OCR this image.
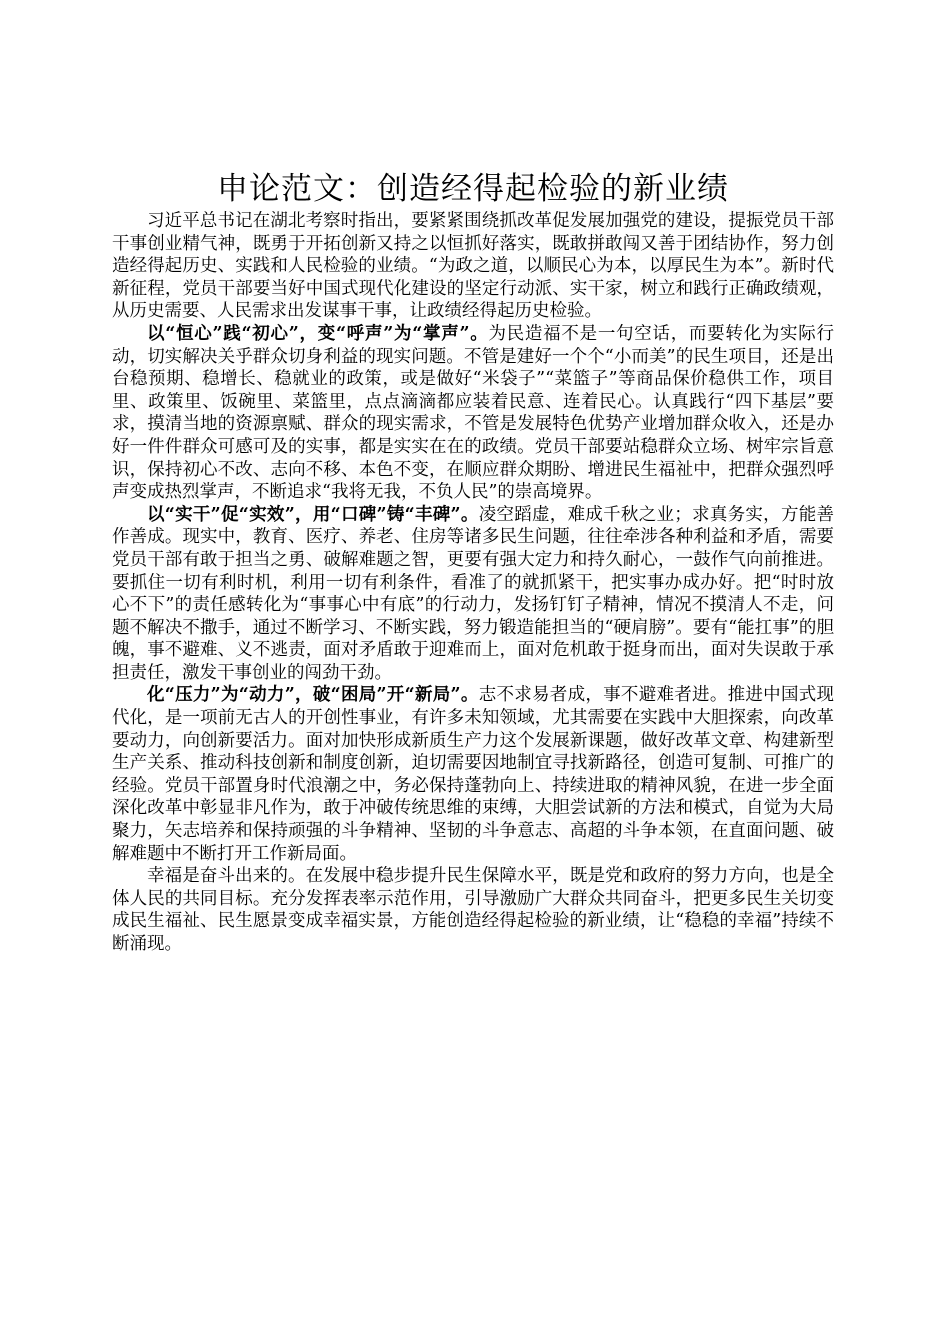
申论范文：创造经得起检验的新业绩

习近平总书记在湖北考察时指出，要紧紧围绕抓改革促发展加强党的建设，提振党员干部干事创业精气神，既勇于开拓创新又持之以恒抓好落实，既敢拼敢闯又善于团结协作，努力创造经得起历史、实践和人民检验的业绩。“为政之道，以顺民心为本，以厚民生为本”。新时代新征程，党员干部要当好中国式现代化建设的坚定行动派、实干家，树立和践行正确政绩观，从历史需要、人民需求出发谋事干事，让政绩经得起历史检验。

以“恒心”践“初心”，变“呼声”为“掌声”。为民造福不是一句空话，而要转化为实际行动，切实解决关乎群众切身利益的现实问题。不管是建好一个个“小而美”的民生项目，还是出台稳预期、稳增长、稳就业的政策，或是做好“米袋子”“菜篮子”等商品保价稳供工作，项目里、政策里、饭碗里、菜篮里，点点滴滴都应装着民意、连着民心。认真践行“四下基层”要求，摸清当地的资源禀赋、群众的现实需求，不管是发展特色优势产业增加群众收入，还是办好一件件群众可感可及的实事，都是实实在在的政绩。党员干部要站稳群众立场、树牢宗旨意识，保持初心不改、志向不移、本色不变，在顺应群众期盼、增进民生福祉中，把群众强烈呼声变成热烈掌声，不断追求“我将无我，不负人民”的崇高境界。

以“实干”促“实效”，用“口碑”铸“丰碑”。凌空蹈虚，难成千秋之业；求真务实，方能善作善成。现实中，教育、医疗、养老、住房等诸多民生问题，往往牵涉各种利益和矛盾，需要党员干部有敢于担当之勇、破解难题之智，更要有强大定力和持久耐心，一鼓作气向前推进。要抓住一切有利时机，利用一切有利条件，看准了的就抓紧干，把实事办成办好。把“时时放心不下”的责任感转化为“事事心中有底”的行动力，发扬钉钉子精神，情况不摸清人不走，问题不解决不撒手，通过不断学习、不断实践，努力锻造能担当的“硬肩膀”。要有“能扛事”的胆魄，事不避难、义不逃责，面对矛盾敢于迎难而上，面对危机敢于挺身而出，面对失误敢于承担责任，激发干事创业的闯劲干劲。

化“压力”为“动力”，破“困局”开“新局”。志不求易者成，事不避难者进。推进中国式现代化，是一项前无古人的开创性事业，有许多未知领域，尤其需要在实践中大胆探索，向改革要动力，向创新要活力。面对加快形成新质生产力这个发展新课题，做好改革文章、构建新型生产关系、推动科技创新和制度创新，迫切需要因地制宜寻找新路径，创造可复制、可推广的经验。党员干部置身时代浪潮之中，务必保持蓬勃向上、持续进取的精神风貌，在进一步全面深化改革中彰显非凡作为，敢于冲破传统思维的束缚，大胆尝试新的方法和模式，自觉为大局聚力，矢志培养和保持顽强的斗争精神、坚韧的斗争意志、高超的斗争本领，在直面问题、破解难题中不断打开工作新局面。

幸福是奋斗出来的。在发展中稳步提升民生保障水平，既是党和政府的努力方向，也是全体人民的共同目标。充分发挥表率示范作用，引导激励广大群众共同奋斗，把更多民生关切变成民生福祉、民生愿景变成幸福实景，方能创造经得起检验的新业绩，让“稳稳的幸福”持续不断涌现。
